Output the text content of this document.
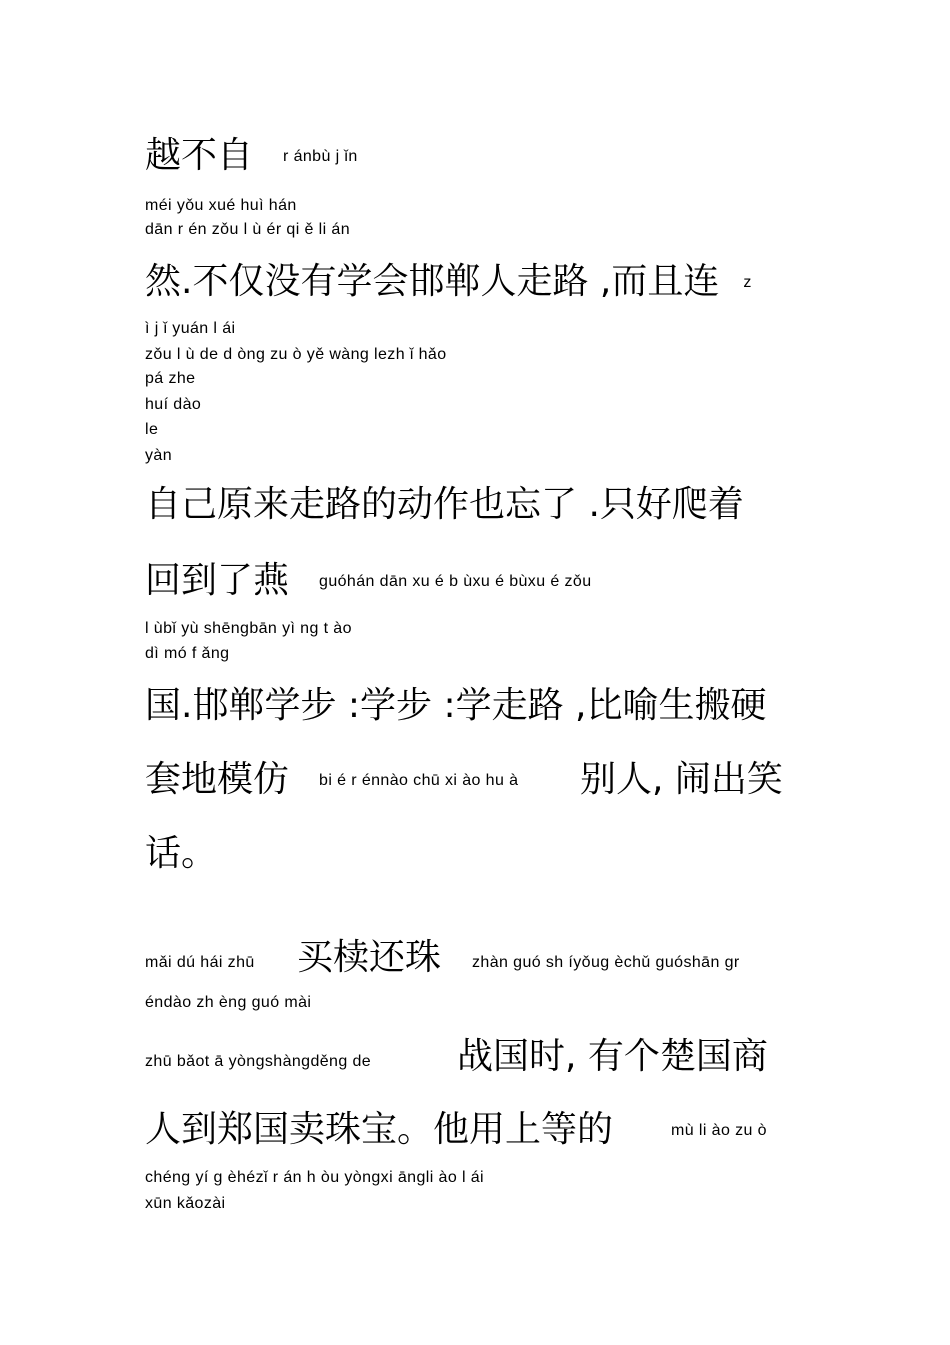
越不自 r ánbù j ǐn
méi yǒu xué huì hán
dān r én zǒu l ù ér qi ě li án
然.不仅没有学会邯郸人走路 ,而且连 z
ì j ǐ yuán l ái
zǒu l ù de d òng zu ò yě wàng lezh ǐ hǎo
pá zhe
huí dào
le
yàn
自己原来走路的动作也忘了 .只好爬着
回到了燕 guóhán dān xu é b ùxu é bùxu é zǒu
l ùbǐ yù shēngbān yì ng t ào
dì mó f ǎng
国.邯郸学步 :学步 :学走路 ,比喻生搬硬
套地模仿 bi é r énnào chū xi ào hu à 别人, 闹出笑
话。
mǎi dú hái zhū 买椟还珠 zhàn guó sh íyǒug èchǔ guóshān gr
éndào zh èng guó mài
zhū bǎot ā yòngshàngděng de 战国时, 有个楚国商
人到郑国卖珠宝。他用上等的	mù li ào zu ò
chéng yí g èhézǐ r án h òu yòngxi āngli ào l ái
xūn kǎozài
